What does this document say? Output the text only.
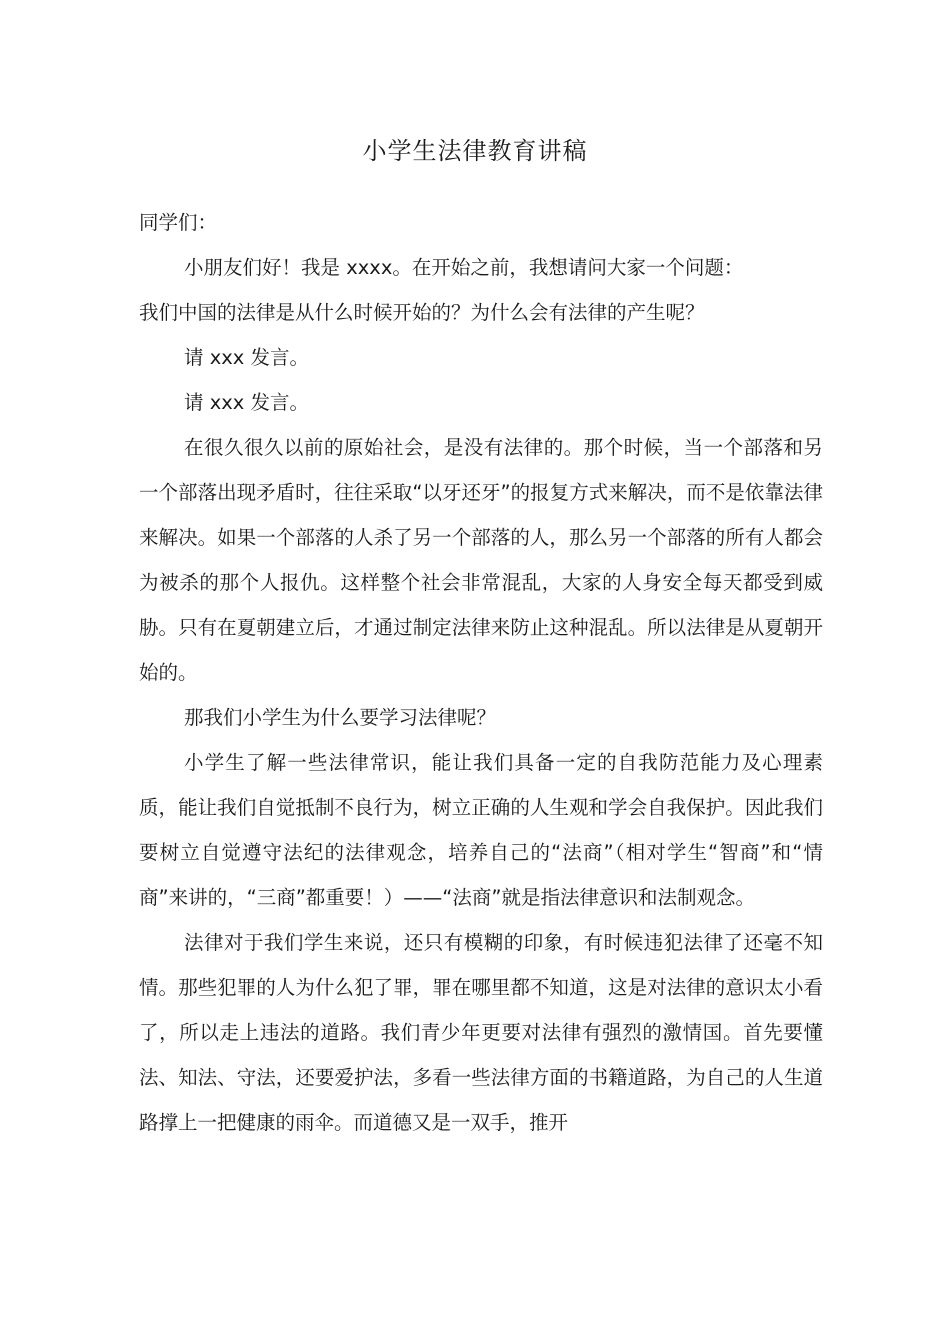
小学生法律教育讲稿

同学们：

小朋友们好！我是 xxxx。在开始之前，我想请问大家一个问题：

我们中国的法律是从什么时候开始的？为什么会有法律的产生呢？

请 xxx 发言。

请 xxx 发言。

在很久很久以前的原始社会，是没有法律的。那个时候，当一个部落和另一个部落出现矛盾时，往往采取“以牙还牙”的报复方式来解决，而不是依靠法律来解决。如果一个部落的人杀了另一个部落的人，那么另一个部落的所有人都会为被杀的那个人报仇。这样整个社会非常混乱，大家的人身安全每天都受到威胁。只有在夏朝建立后，才通过制定法律来防止这种混乱。所以法律是从夏朝开始的。

那我们小学生为什么要学习法律呢？

小学生了解一些法律常识，能让我们具备一定的自我防范能力及心理素质，能让我们自觉抵制不良行为，树立正确的人生观和学会自我保护。因此我们要树立自觉遵守法纪的法律观念，培养自己的“法商”（相对学生“智商”和“情商”来讲的，“三商”都重要！）——“法商”就是指法律意识和法制观念。

法律对于我们学生来说，还只有模糊的印象，有时候违犯法律了还毫不知情。那些犯罪的人为什么犯了罪，罪在哪里都不知道，这是对法律的意识太小看了，所以走上违法的道路。我们青少年更要对法律有强烈的激情国。首先要懂法、知法、守法，还要爱护法，多看一些法律方面的书籍道路，为自己的人生道路撑上一把健康的雨伞。而道德又是一双手，推开
